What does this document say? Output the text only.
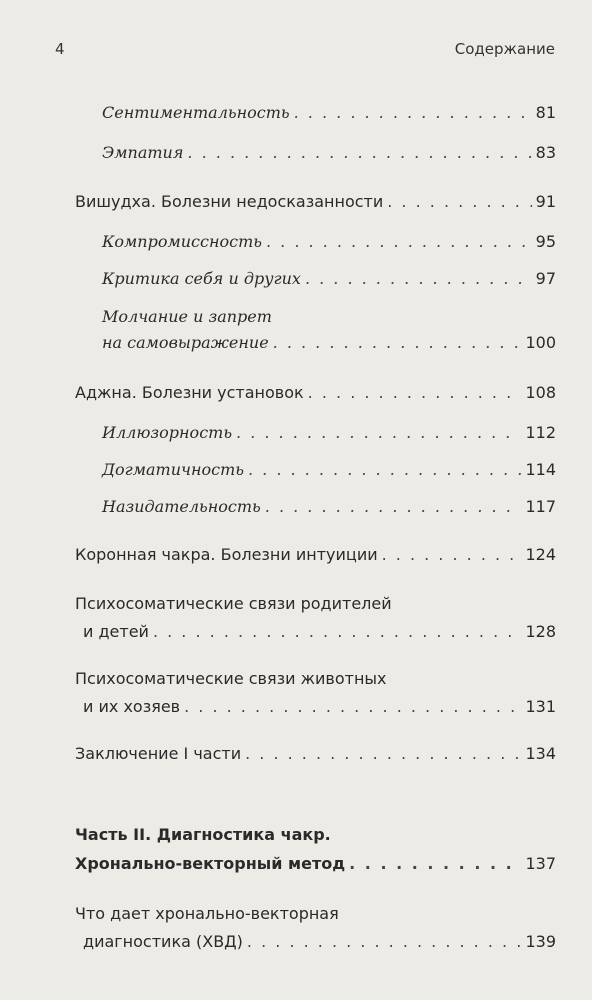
4	Содержание
Сентиментальность . . .	81
Эмпатия . . .	83
Вишудха. Болезни недосказанности . . .	91
Компромиссность . . .	95
Критика себя и других . . .	97
Молчание и запрет
на самовыражение . . .	100
Аджна. Болезни установок . . .	108
Иллюзорность . . .	112
Догматичность . . .	114
Назидательность . . .	117
Коронная чакра. Болезни интуиции . . .	124
Психосоматические связи родителей
и детей . . .	128
Психосоматические связи животных
и их хозяев . . .	131
Заключение I части . . .	134
Часть II. Диагностика чакр.
Хронально-векторный метод . . .	137
Что дает хронально-векторная
диагностика (ХВД) . . .	139
